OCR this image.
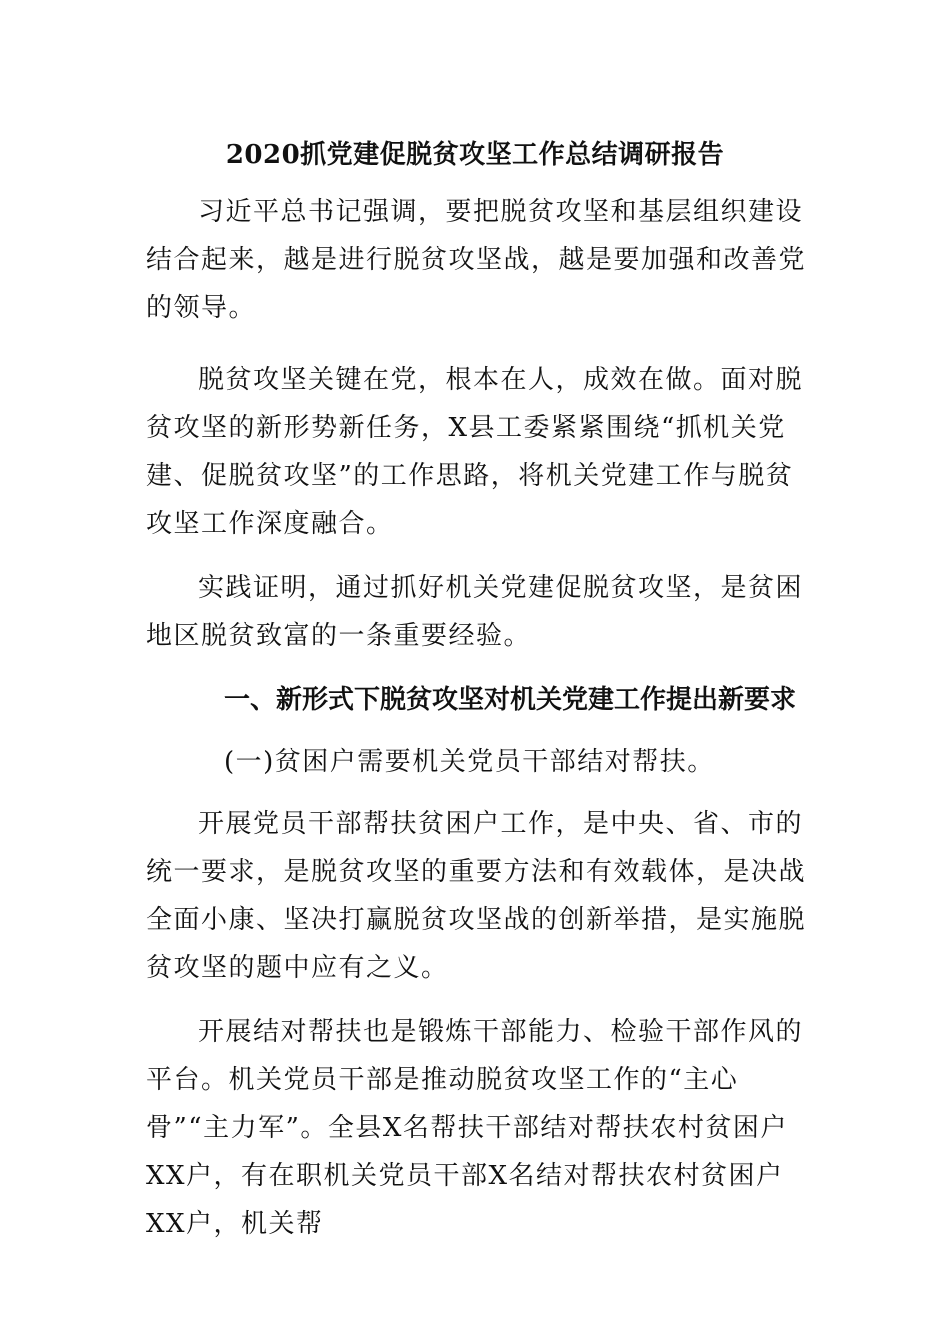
2020抓党建促脱贫攻坚工作总结调研报告

习近平总书记强调，要把脱贫攻坚和基层组织建设结合起来，越是进行脱贫攻坚战，越是要加强和改善党的领导。

脱贫攻坚关键在党，根本在人，成效在做。面对脱贫攻坚的新形势新任务，X县工委紧紧围绕“抓机关党建、促脱贫攻坚”的工作思路，将机关党建工作与脱贫攻坚工作深度融合。

实践证明，通过抓好机关党建促脱贫攻坚，是贫困地区脱贫致富的一条重要经验。

一、新形式下脱贫攻坚对机关党建工作提出新要求

(一)贫困户需要机关党员干部结对帮扶。

开展党员干部帮扶贫困户工作，是中央、省、市的统一要求，是脱贫攻坚的重要方法和有效载体，是决战全面小康、坚决打赢脱贫攻坚战的创新举措，是实施脱贫攻坚的题中应有之义。

开展结对帮扶也是锻炼干部能力、检验干部作风的平台。机关党员干部是推动脱贫攻坚工作的“主心骨”“主力军”。全县X名帮扶干部结对帮扶农村贫困户XX户，有在职机关党员干部X名结对帮扶农村贫困户XX户，机关帮
